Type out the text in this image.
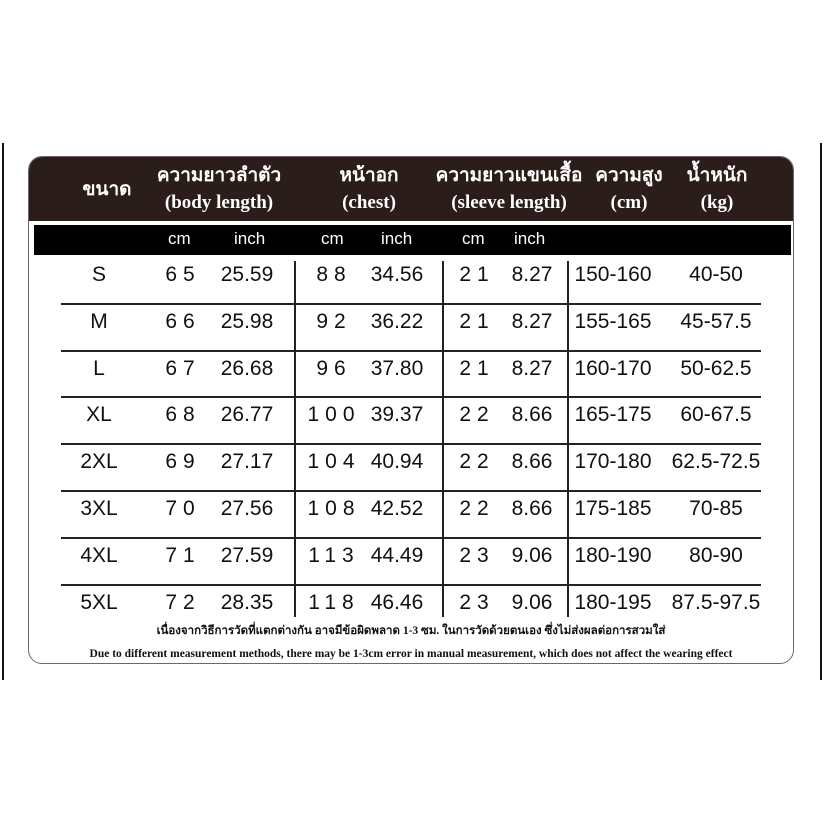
ขนาด
ความยาวลำตัว
(body length)
หน้าอก
(chest)
ความยาวแขนเสื้อ
(sleeve length)
ความสูง
(cm)
น้ำหนัก
(kg)
cm	inch	cm inch	cm inch
S	65 25.59	88 34.56	21 8.27	150-160	40-50
M	66 25.98	92 36.22	21 8.27	155-165	45-57.5
L	67 26.68	96 37.80	21 8.27	160-170	50-62.5
XL	68 26.77	100 39.37	22 8.66	165-175	60-67.5
2XL	69 27.17	104 40.94	22 8.66	170-180 62.5-72.5
3XL	70 27.56	108 42.52	22 8.66	175-185	70-85
4XL	71 27.59	113 44.49	23 9.06	180-190	80-90
5XL	72 28.35	118 46.46	23 9.06	180-195 87.5-97.5
เนื่องจากวิธีการวัดที่แตกต่างกัน อาจมีข้อผิดพลาด 1-3 ซม. ในการวัดด้วยตนเอง ซึ่งไม่ส่งผลต่อการสวมใส่
Due to different measurement methods, there may be 1-3cm error in manual measurement, which does not affect the wearing effect
